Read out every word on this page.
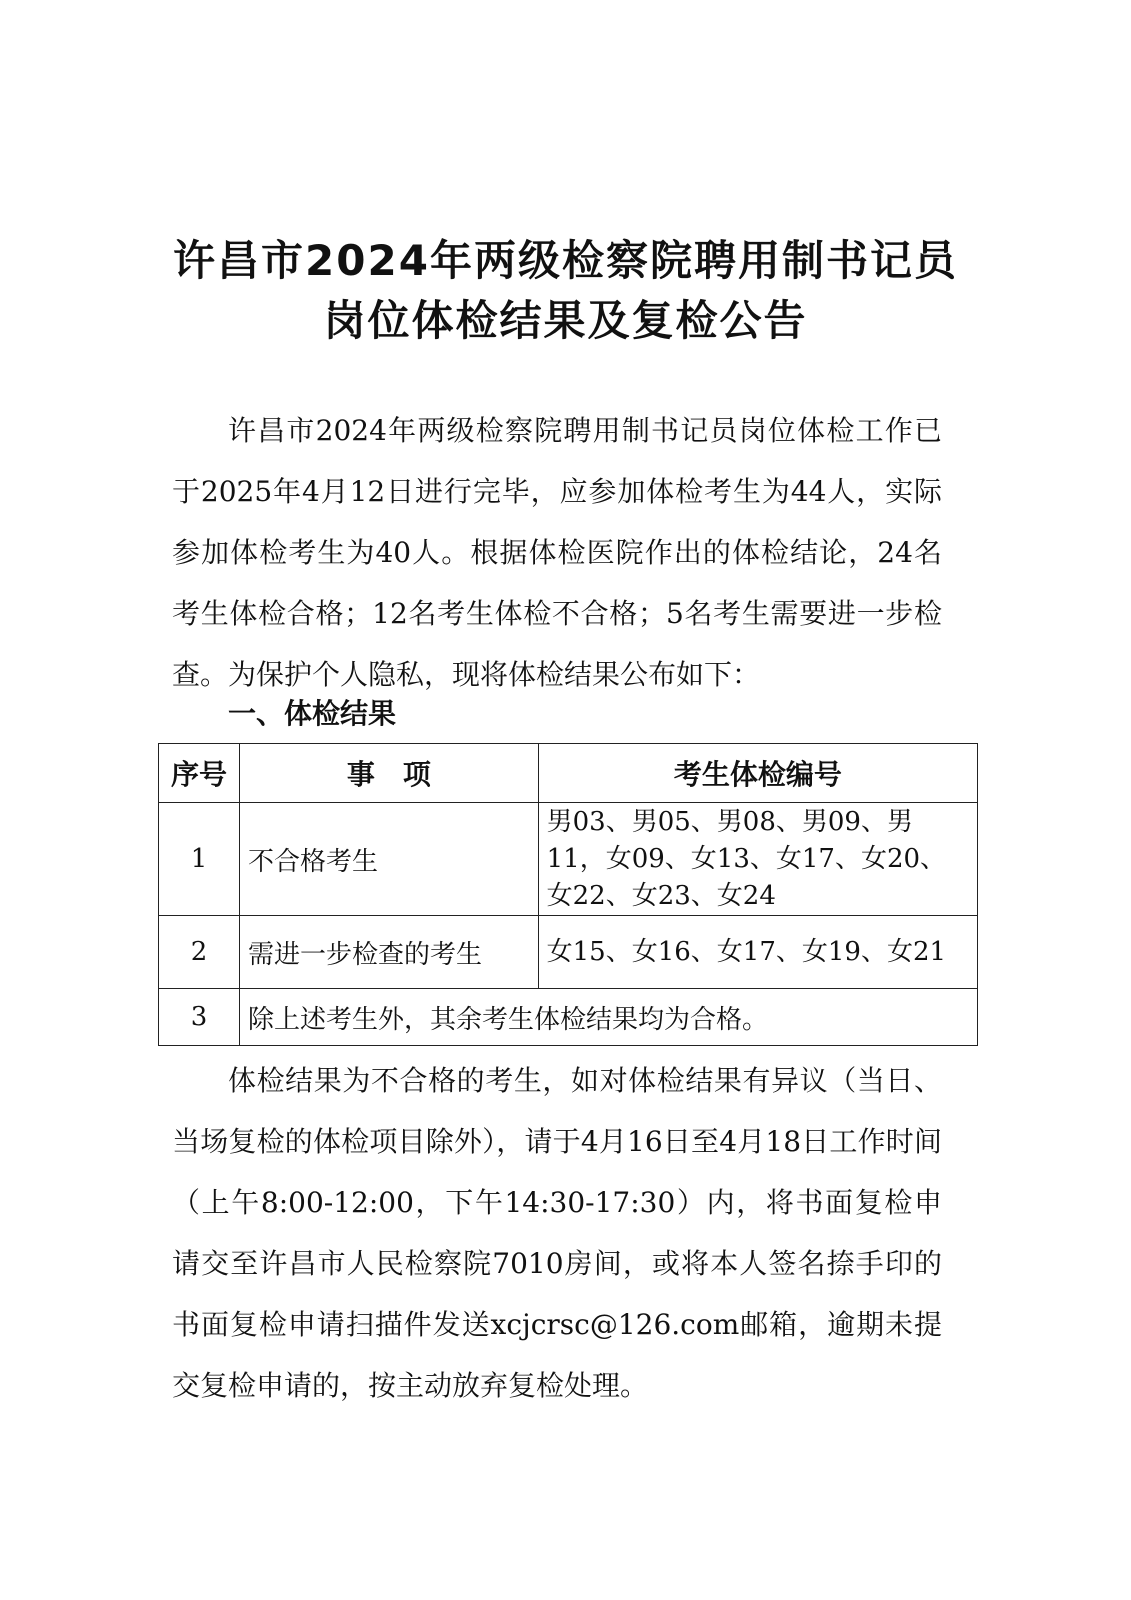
许昌市2024年两级检察院聘用制书记员
岗位体检结果及复检公告

许昌市2024年两级检察院聘用制书记员岗位体检工作已于2025年4月12日进行完毕，应参加体检考生为44人，实际参加体检考生为40人。根据体检医院作出的体检结论，24名考生体检合格；12名考生体检不合格；5名考生需要进一步检查。为保护个人隐私，现将体检结果公布如下：

一、体检结果
序号	事　项	考生体检编号
1	不合格考生	男03、男05、男08、男09、男11，女09、女13、女17、女20、女22、女23、女24
2	需进一步检查的考生	女15、女16、女17、女19、女21
3	除上述考生外，其余考生体检结果均为合格。	

体检结果为不合格的考生，如对体检结果有异议（当日、当场复检的体检项目除外），请于4月16日至4月18日工作时间（上午8:00-12:00，下午14:30-17:30）内，将书面复检申请交至许昌市人民检察院7010房间，或将本人签名捺手印的书面复检申请扫描件发送xcjcrsc@126.com邮箱，逾期未提交复检申请的，按主动放弃复检处理。
